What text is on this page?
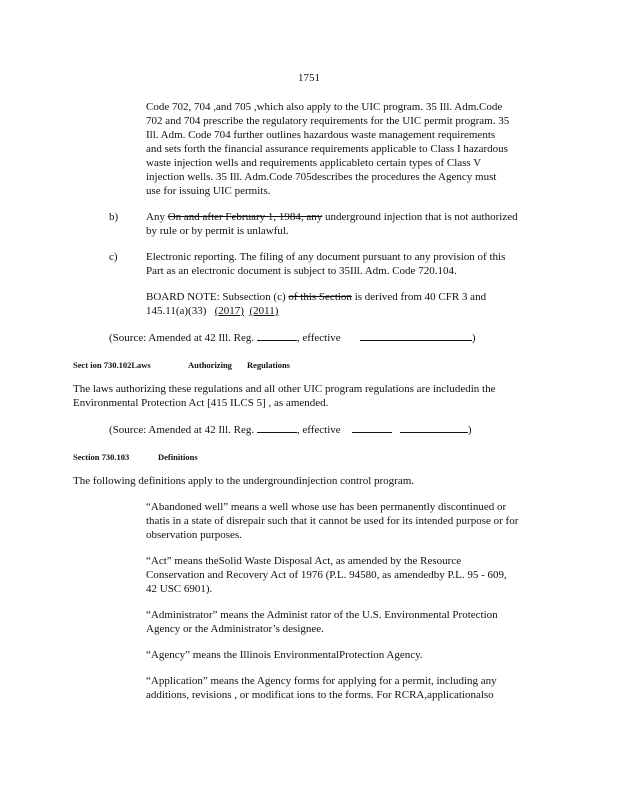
1751
Code 702, 704 ,and 705 ,which also apply to the UIC program. 35 Ill. Adm.Code
702 and 704 prescribe the regulatory requirements for the UIC permit program. 35
Ill. Adm. Code 704 further outlines hazardous waste management requirements
and sets forth the financial assurance requirements applicable to Class I hazardous
waste injection wells and requirements applicableto certain types of Class V
injection wells. 35 Ill. Adm.Code 705describes the procedures the Agency must
use for issuing UIC permits.
b)	Any On and after February 1, 1984, any underground injection that is not authorized
by rule or by permit is unlawful.
c)	Electronic reporting. The filing of any document pursuant to any provision of this
Part as an electronic document is subject to 35Ill. Adm. Code 720.104.
BOARD NOTE: Subsection (c) of this Section is derived from 40 CFR 3 and
145.11(a)(33) (2017) (2011)
(Source: Amended at 42 Ill. Reg.	, effective	)
Sect ion 730.102Laws	Authorizing Regulations
The laws authorizing these regulations and all other UIC program regulations are includedin the
Environmental Protection Act [415 ILCS 5] , as amended.
(Source: Amended at 42 Ill. Reg.	, effective	)
Section 730.103	Definitions
The following definitions apply to the undergroundinjection control program.
“Abandoned well” means a well whose use has been permanently discontinued or
thatis in a state of disrepair such that it cannot be used for its intended purpose or for
observation purposes.
“Act” means theSolid Waste Disposal Act, as amended by the Resource
Conservation and Recovery Act of 1976 (P.L. 94580, as amendedby P.L. 95 - 609,
42 USC 6901).
“Administrator” means the Administ rator of the U.S. Environmental Protection
Agency or the Administrator’s designee.
“Agency” means the Illinois EnvironmentalProtection Agency.
“Application” means the Agency forms for applying for a permit, including any
additions, revisions , or modificat ions to the forms. For RCRA,applicationalso
